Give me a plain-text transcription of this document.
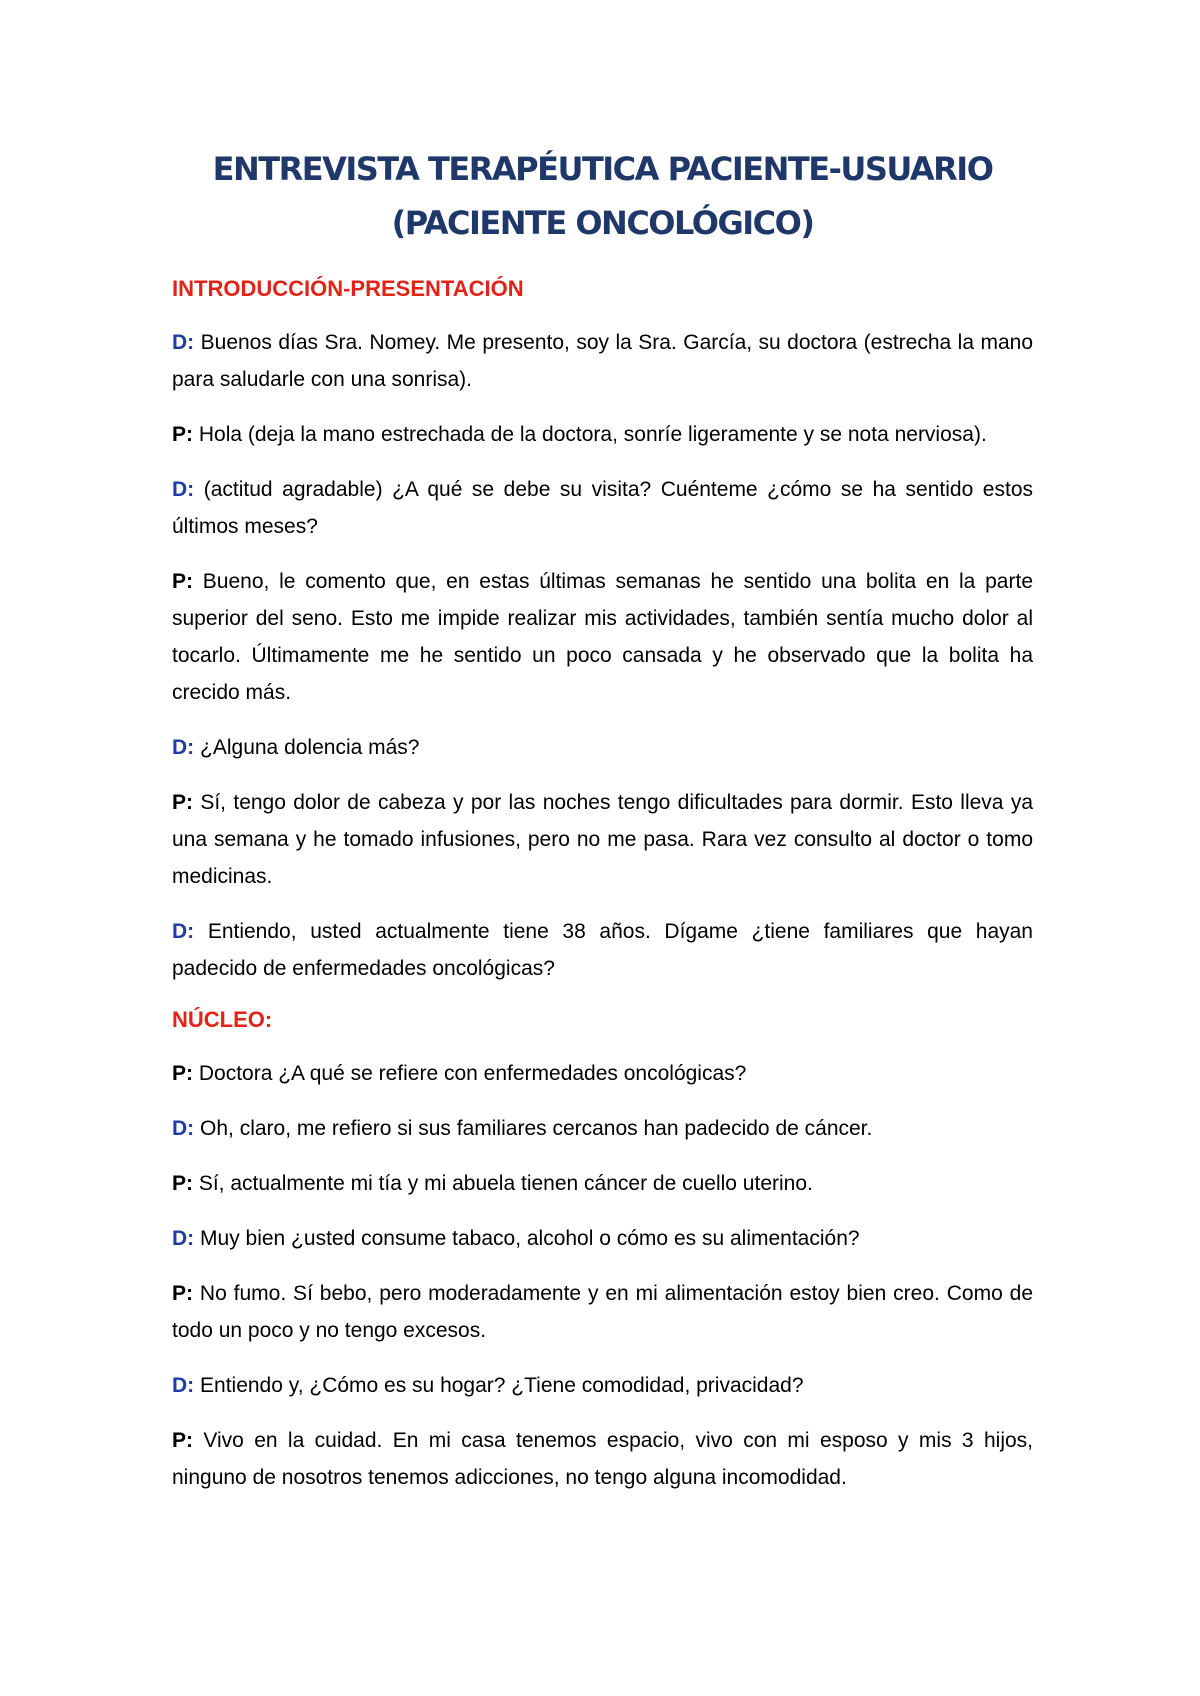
ENTREVISTA TERAPÉUTICA PACIENTE-USUARIO (PACIENTE ONCOLÓGICO)
INTRODUCCIÓN-PRESENTACIÓN

D: Buenos días Sra. Nomey. Me presento, soy la Sra. García, su doctora (estrecha la mano para saludarle con una sonrisa).

P: Hola (deja la mano estrechada de la doctora, sonríe ligeramente y se nota nerviosa).

D: (actitud agradable) ¿A qué se debe su visita? Cuénteme ¿cómo se ha sentido estos últimos meses?

P: Bueno, le comento que, en estas últimas semanas he sentido una bolita en la parte superior del seno. Esto me impide realizar mis actividades, también sentía mucho dolor al tocarlo. Últimamente me he sentido un poco cansada y he observado que la bolita ha crecido más.

D: ¿Alguna dolencia más?

P: Sí, tengo dolor de cabeza y por las noches tengo dificultades para dormir. Esto lleva ya una semana y he tomado infusiones, pero no me pasa. Rara vez consulto al doctor o tomo medicinas.

D: Entiendo, usted actualmente tiene 38 años. Dígame ¿tiene familiares que hayan padecido de enfermedades oncológicas?

NÚCLEO:

P: Doctora ¿A qué se refiere con enfermedades oncológicas?

D: Oh, claro, me refiero si sus familiares cercanos han padecido de cáncer.

P: Sí, actualmente mi tía y mi abuela tienen cáncer de cuello uterino.

D: Muy bien ¿usted consume tabaco, alcohol o cómo es su alimentación?

P: No fumo. Sí bebo, pero moderadamente y en mi alimentación estoy bien creo. Como de todo un poco y no tengo excesos.

D: Entiendo y, ¿Cómo es su hogar? ¿Tiene comodidad, privacidad?

P: Vivo en la cuidad. En mi casa tenemos espacio, vivo con mi esposo y mis 3 hijos, ninguno de nosotros tenemos adicciones, no tengo alguna incomodidad.
